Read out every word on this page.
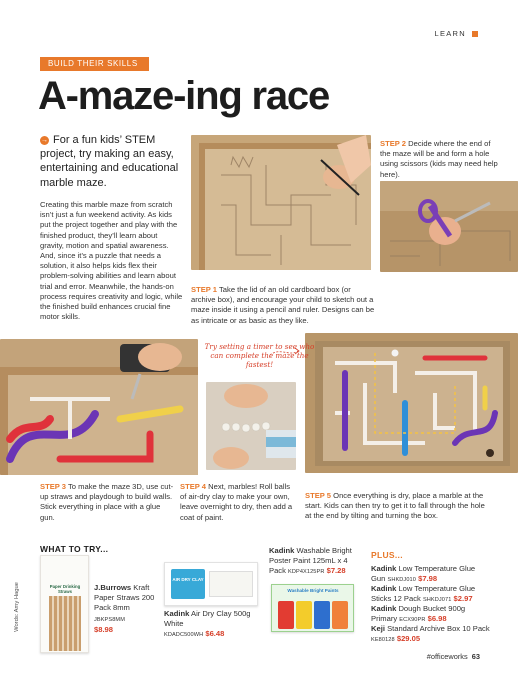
LEARN
BUILD THEIR SKILLS
A-maze-ing race
→ For a fun kids’ STEM project, try making an easy, entertaining and educational marble maze.
Creating this marble maze from scratch isn’t just a fun weekend activity. As kids put the project together and play with the finished product, they’ll learn about gravity, motion and spatial awareness. And, since it’s a puzzle that needs a solution, it also helps kids flex their problem-solving abilities and learn about trial and error. Meanwhile, the hands-on process requires creativity and logic, while the finished build enhances crucial fine motor skills.
STEP 1 Take the lid of an old cardboard box (or archive box), and encourage your child to sketch out a maze inside it using a pencil and ruler. Designs can be as intricate or as basic as they like.
STEP 2 Decide where the end of the maze will be and form a hole using scissors (kids may need help here).
Try setting a timer to see who can complete the maze the fastest!
STEP 3 To make the maze 3D, use cut-up straws and playdough to build walls. Stick everything in place with a glue gun.
STEP 4 Next, marbles! Roll balls of air-dry clay to make your own, leave overnight to dry, then add a coat of paint.
STEP 5 Once everything is dry, place a marble at the start. Kids can then try to get it to fall through the hole at the end by tilting and turning the box.
WHAT TO TRY...
Words: Amy Hague	Paper Drinking Straws	J.Burrows Kraft Paper Straws 200 Pack 8mm
JBKPS8MM
$8.98
AIR DRY CLAY
Kadink Air Dry Clay 500g White
KDADC500WH $6.48
Kadink Washable Bright Poster Paint 125mL x 4 Pack KDP4X125PR $7.28
Washable Bright Paints
PLUS...
Kadink Low Temperature Glue Gun SHKDJ010 $7.98
Kadink Low Temperature Glue Sticks 12 Pack SHKDJ071 $2.97
Kadink Dough Bucket 900g Primary ECX90PR $6.98
Keji Standard Archive Box 10 Pack KE80128 $29.05
#officeworks 63
